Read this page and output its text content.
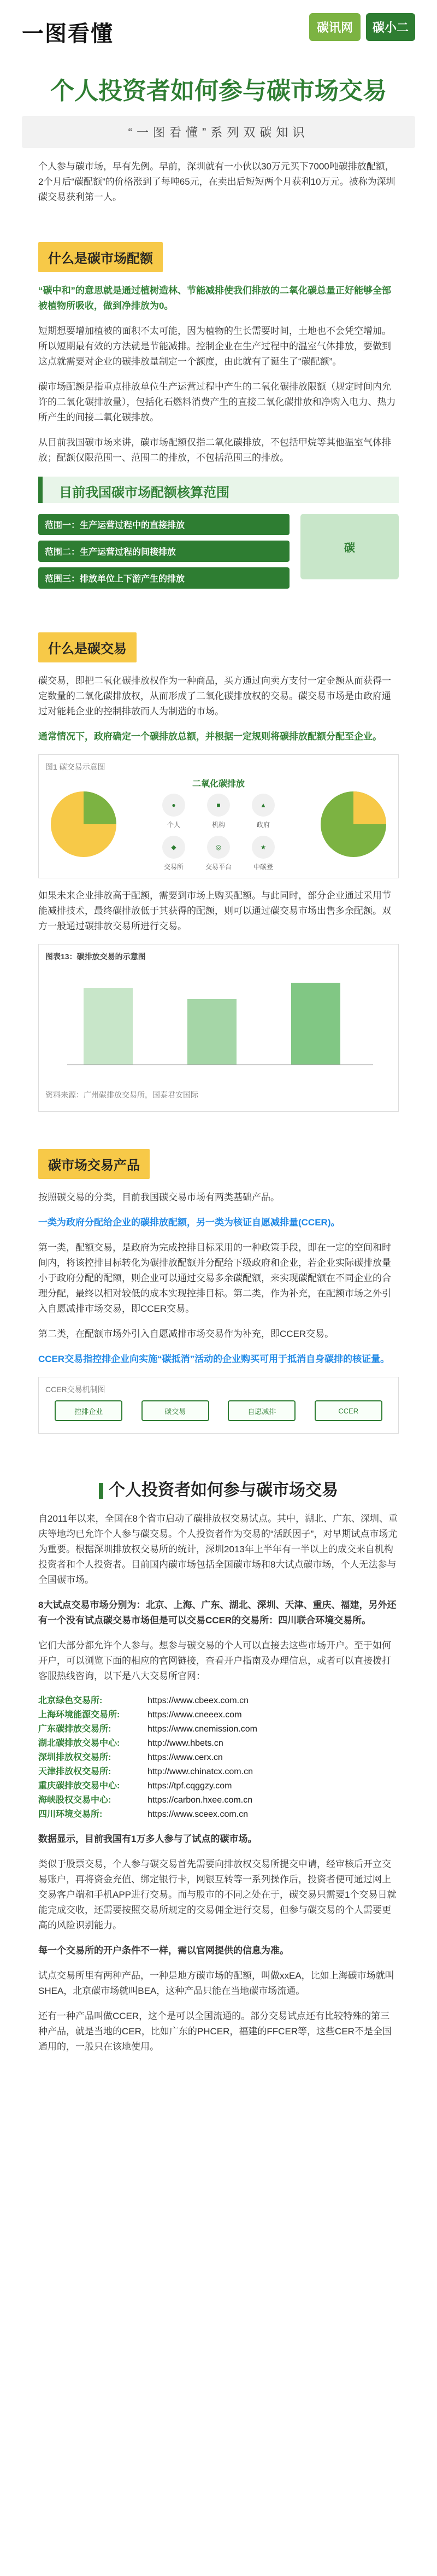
一图看懂	碳讯网	碳小二
个人投资者如何参与碳市场交易
“一图看懂”系列双碳知识

个人参与碳市场，早有先例。早前，深圳就有一小伙以30万元买下7000吨碳排放配额，2个月后“碳配额”的价格涨到了每吨65元，在卖出后短短两个月获利10万元。被称为深圳碳交易获利第一人。

什么是碳市场配额

“碳中和”的意思就是通过植树造林、节能减排使我们排放的二氧化碳总量正好能够全部被植物所吸收，做到净排放为0。

短期想要增加植被的面积不太可能，因为植物的生长需要时间，土地也不会凭空增加。所以短期最有效的方法就是节能减排。控制企业在生产过程中的温室气体排放，要做到这点就需要对企业的碳排放量制定一个额度，由此就有了诞生了“碳配额”。

碳市场配额是指重点排放单位生产运营过程中产生的二氧化碳排放限额（规定时间内允许的二氧化碳排放量），包括化石燃料消费产生的直接二氧化碳排放和净购入电力、热力所产生的间接二氧化碳排放。

从目前我国碳市场来讲，碳市场配额仅指二氧化碳排放，不包括甲烷等其他温室气体排放；配额仅限范围一、范围二的排放，不包括范围三的排放。

目前我国碳市场配额核算范围
范围一：生产运营过程中的直接排放
范围二：生产运营过程的间接排放
范围三：排放单位上下游产生的排放
碳
什么是碳交易

碳交易，即把二氧化碳排放权作为一种商品，买方通过向卖方支付一定金额从而获得一定数量的二氧化碳排放权，从而形成了二氧化碳排放权的交易。碳交易市场是由政府通过对能耗企业的控制排放而人为制造的市场。

通常情况下，政府确定一个碳排放总额，并根据一定规则将碳排放配额分配至企业。

图1 碳交易示意图
二氧化碳排放
●
个人
■
机构
▲
政府
◆
交易所
◎
交易平台
★
中碳登

如果未来企业排放高于配额，需要到市场上购买配额。与此同时，部分企业通过采用节能减排技术，最终碳排放低于其获得的配额，则可以通过碳交易市场出售多余配额。双方一般通过碳排放交易所进行交易。

图表13：碳排放交易的示意图
资料来源：广州碳排放交易所，国泰君安国际
碳市场交易产品

按照碳交易的分类，目前我国碳交易市场有两类基础产品。

一类为政府分配给企业的碳排放配额，另一类为核证自愿减排量(CCER)。

第一类，配额交易，是政府为完成控排目标采用的一种政策手段，即在一定的空间和时间内，将该控排目标转化为碳排放配额并分配给下级政府和企业，若企业实际碳排放量小于政府分配的配额，则企业可以通过交易多余碳配额，来实现碳配额在不同企业的合理分配，最终以相对较低的成本实现控排目标。第二类，作为补充，在配额市场之外引入自愿减排市场交易，即CCER交易。

第二类，在配额市场外引入自愿减排市场交易作为补充，即CCER交易。

CCER交易指控排企业向实施“碳抵消”活动的企业购买可用于抵消自身碳排的核证量。

CCER交易机制图
控排企业	碳交易	自愿减排	CCER
个人投资者如何参与碳市场交易

自2011年以来，全国在8个省市启动了碳排放权交易试点。其中，湖北、广东、深圳、重庆等地均已允许个人参与碳交易。个人投资者作为交易的“活跃因子”，对早期试点市场尤为重要。根据深圳排放权交易所的统计，深圳2013年上半年有一半以上的成交来自机构投资者和个人投资者。目前国内碳市场包括全国碳市场和8大试点碳市场，个人无法参与全国碳市场。

8大试点交易市场分别为：北京、上海、广东、湖北、深圳、天津、重庆、福建，另外还有一个没有试点碳交易市场但是可以交易CCER的交易所：四川联合环境交易所。

它们大部分都允许个人参与。想参与碳交易的个人可以直接去这些市场开户。至于如何开户，可以浏览下面的相应的官网链接，查看开户指南及办理信息，或者可以直接拨打客服热线咨询，以下是八大交易所官网：

北京绿色交易所:	https://www.cbeex.com.cn
上海环境能源交易所:	https://www.cneeex.com
广东碳排放交易所:	https://www.cnemission.com
湖北碳排放交易中心:	http://www.hbets.cn
深圳排放权交易所:	https://www.cerx.cn
天津排放权交易所:	http://www.chinatcx.com.cn
重庆碳排放交易中心:	https://tpf.cqggzy.com
海峡股权交易中心:	https://carbon.hxee.com.cn
四川环境交易所:	https://www.sceex.com.cn

数据显示，目前我国有1万多人参与了试点的碳市场。

类似于股票交易，个人参与碳交易首先需要向排放权交易所提交申请，经审核后开立交易账户，再将资金充值、绑定银行卡，网银互转等一系列操作后，投资者便可通过网上交易客户端和手机APP进行交易。而与股市的不同之处在于，碳交易只需要1个交易日就能完成交收，还需要按照交易所规定的交易佣金进行交易，但参与碳交易的个人需要更高的风险识别能力。

每一个交易所的开户条件不一样，需以官网提供的信息为准。

试点交易所里有两种产品，一种是地方碳市场的配额，叫做xxEA，比如上海碳市场就叫SHEA，北京碳市场就叫BEA，这种产品只能在当地碳市场流通。

还有一种产品叫做CCER，这个是可以全国流通的。部分交易试点还有比较特殊的第三种产品，就是当地的CER，比如广东的PHCER，福建的FFCER等，这些CER不是全国通用的，一般只在该地使用。
